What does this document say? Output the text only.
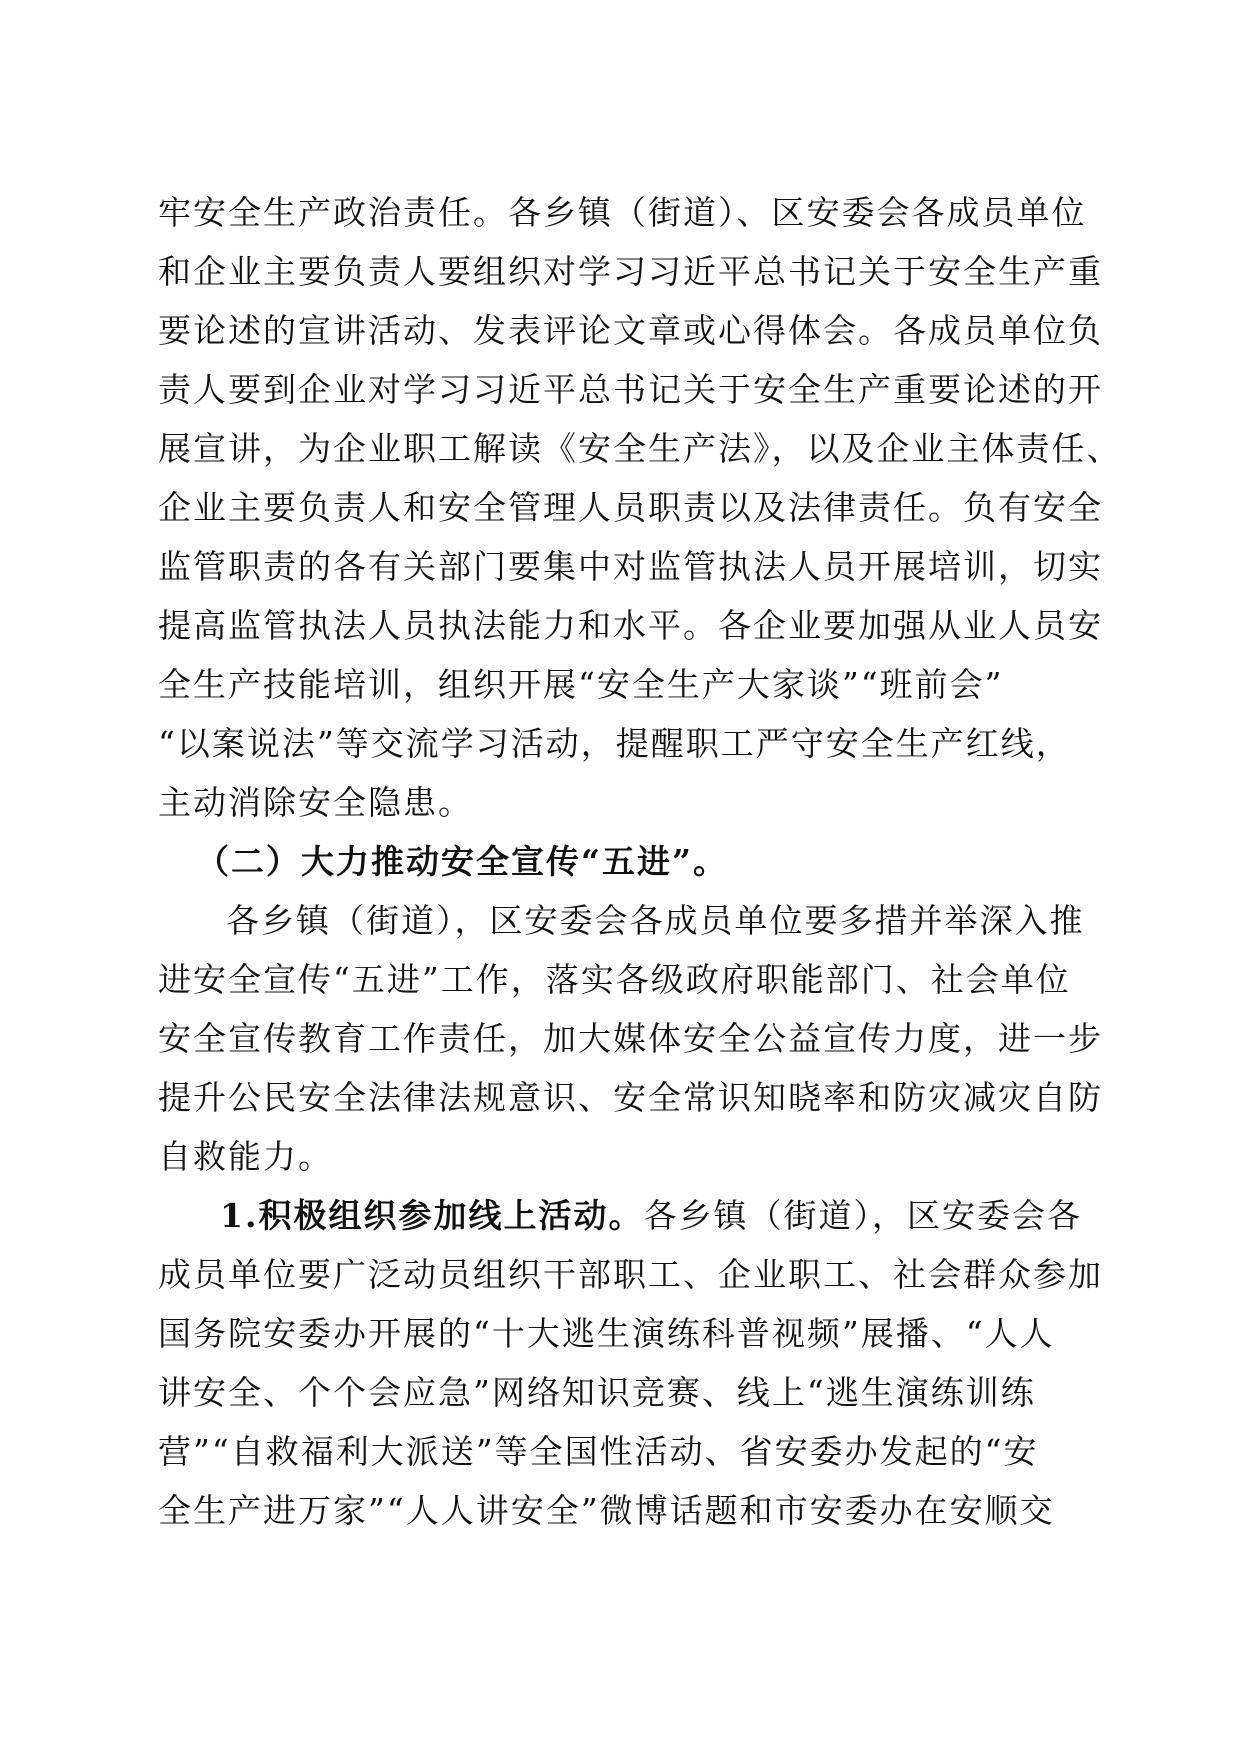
牢安全生产政治责任。各乡镇（街道）、区安委会各成员单位
和企业主要负责人要组织对学习习近平总书记关于安全生产重
要论述的宣讲活动、发表评论文章或心得体会。各成员单位负
责人要到企业对学习习近平总书记关于安全生产重要论述的开
展宣讲，为企业职工解读《安全生产法》，以及企业主体责任、
企业主要负责人和安全管理人员职责以及法律责任。负有安全
监管职责的各有关部门要集中对监管执法人员开展培训，切实
提高监管执法人员执法能力和水平。各企业要加强从业人员安
全生产技能培训，组织开展“安全生产大家谈”“班前会”
“以案说法”等交流学习活动，提醒职工严守安全生产红线，
主动消除安全隐患。
（二）大力推动安全宣传“五进”。
各乡镇（街道），区安委会各成员单位要多措并举深入推
进安全宣传“五进”工作，落实各级政府职能部门、社会单位
安全宣传教育工作责任，加大媒体安全公益宣传力度，进一步
提升公民安全法律法规意识、安全常识知晓率和防灾减灾自防
自救能力。
1.积极组织参加线上活动。各乡镇（街道），区安委会各
成员单位要广泛动员组织干部职工、企业职工、社会群众参加
国务院安委办开展的“十大逃生演练科普视频”展播、“人人
讲安全、个个会应急”网络知识竞赛、线上“逃生演练训练
营”“自救福利大派送”等全国性活动、省安委办发起的“安
全生产进万家”“人人讲安全”微博话题和市安委办在安顺交
